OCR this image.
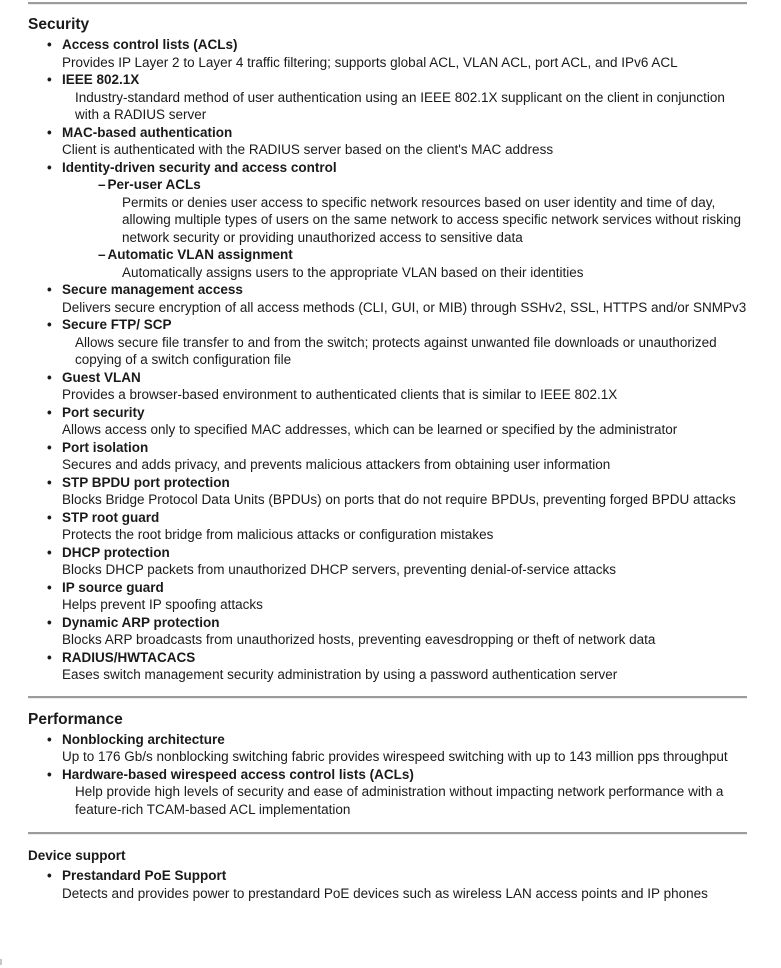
Security
• Access control lists (ACLs)
Provides IP Layer 2 to Layer 4 traffic filtering; supports global ACL, VLAN ACL, port ACL, and IPv6 ACL
• IEEE 802.1X
Industry-standard method of user authentication using an IEEE 802.1X supplicant on the client in conjunction with a RADIUS server
• MAC-based authentication
Client is authenticated with the RADIUS server based on the client's MAC address
• Identity-driven security and access control
– Per-user ACLs
Permits or denies user access to specific network resources based on user identity and time of day, allowing multiple types of users on the same network to access specific network services without risking network security or providing unauthorized access to sensitive data
– Automatic VLAN assignment
Automatically assigns users to the appropriate VLAN based on their identities
• Secure management access
Delivers secure encryption of all access methods (CLI, GUI, or MIB) through SSHv2, SSL, HTTPS and/or SNMPv3
• Secure FTP/ SCP
Allows secure file transfer to and from the switch; protects against unwanted file downloads or unauthorized copying of a switch configuration file
• Guest VLAN
Provides a browser-based environment to authenticated clients that is similar to IEEE 802.1X
• Port security
Allows access only to specified MAC addresses, which can be learned or specified by the administrator
• Port isolation
Secures and adds privacy, and prevents malicious attackers from obtaining user information
• STP BPDU port protection
Blocks Bridge Protocol Data Units (BPDUs) on ports that do not require BPDUs, preventing forged BPDU attacks
• STP root guard
Protects the root bridge from malicious attacks or configuration mistakes
• DHCP protection
Blocks DHCP packets from unauthorized DHCP servers, preventing denial-of-service attacks
• IP source guard
Helps prevent IP spoofing attacks
• Dynamic ARP protection
Blocks ARP broadcasts from unauthorized hosts, preventing eavesdropping or theft of network data
• RADIUS/HWTACACS
Eases switch management security administration by using a password authentication server
Performance
• Nonblocking architecture
Up to 176 Gb/s nonblocking switching fabric provides wirespeed switching with up to 143 million pps throughput
• Hardware-based wirespeed access control lists (ACLs)
Help provide high levels of security and ease of administration without impacting network performance with a feature-rich TCAM-based ACL implementation
Device support
• Prestandard PoE Support
Detects and provides power to prestandard PoE devices such as wireless LAN access points and IP phones
